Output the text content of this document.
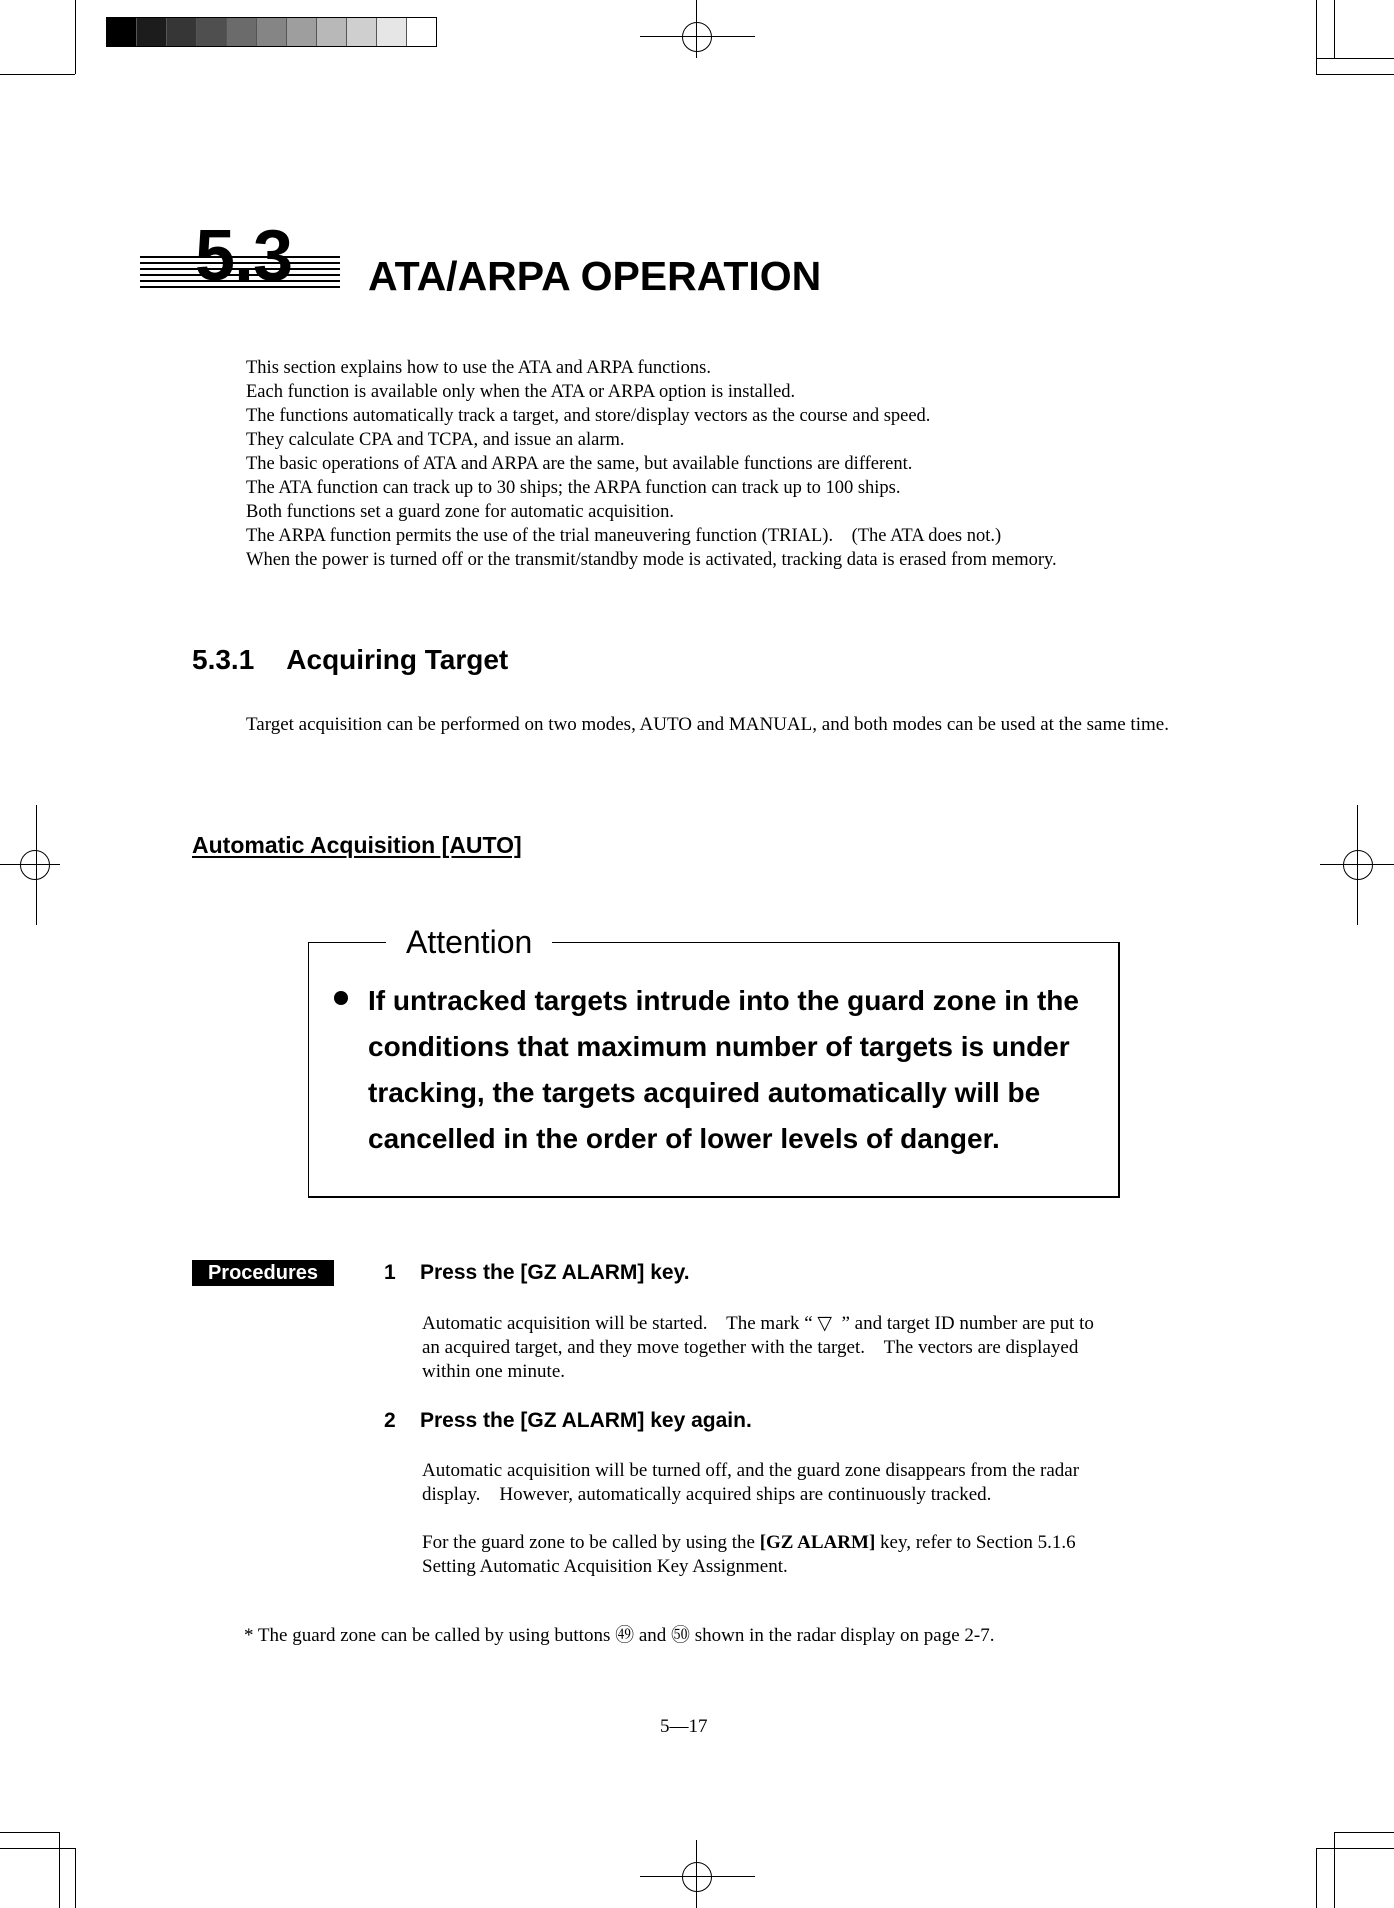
5.3 ATA/ARPA OPERATION
This section explains how to use the ATA and ARPA functions.
Each function is available only when the ATA or ARPA option is installed.
The functions automatically track a target, and store/display vectors as the course and speed.
They calculate CPA and TCPA, and issue an alarm.
The basic operations of ATA and ARPA are the same, but available functions are different.
The ATA function can track up to 30 ships; the ARPA function can track up to 100 ships.
Both functions set a guard zone for automatic acquisition.
The ARPA function permits the use of the trial maneuvering function (TRIAL).    (The ATA does not.)
When the power is turned off or the transmit/standby mode is activated, tracking data is erased from memory.
5.3.1 Acquiring Target
Target acquisition can be performed on two modes, AUTO and MANUAL, and both modes can be used at the same time.
Automatic Acquisition [AUTO]
Attention
If untracked targets intrude into the guard zone in the conditions that maximum number of targets is under tracking, the targets acquired automatically will be cancelled in the order of lower levels of danger.
Procedures	1 Press the [GZ ALARM] key.
Automatic acquisition will be started.    The mark “ ▽  ” and target ID number are put to
an acquired target, and they move together with the target.    The vectors are displayed
within one minute.
2 Press the [GZ ALARM] key again.
Automatic acquisition will be turned off, and the guard zone disappears from the radar
display.    However, automatically acquired ships are continuously tracked.
For the guard zone to be called by using the [GZ ALARM] key, refer to Section 5.1.6
Setting Automatic Acquisition Key Assignment.
* The guard zone can be called by using buttons ㊾ and ㊿ shown in the radar display on page 2-7.
5—17
